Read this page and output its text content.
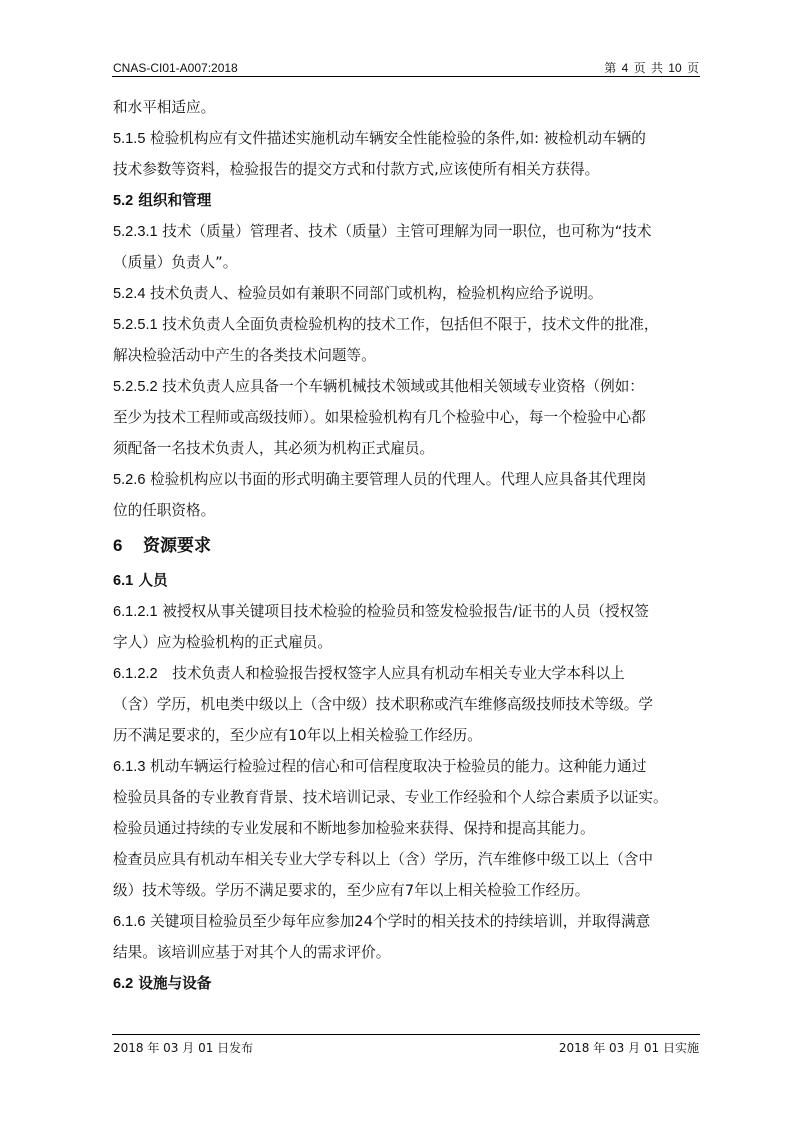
CNAS-CI01-A007:2018	第 4 页 共 10 页
和水平相适应。
5.1.5 检验机构应有文件描述实施机动车辆安全性能检验的条件,如: 被检机动车辆的
技术参数等资料，检验报告的提交方式和付款方式,应该使所有相关方获得。
5.2 组织和管理
5.2.3.1 技术（质量）管理者、技术（质量）主管可理解为同一职位，也可称为“技术
（质量）负责人”。
5.2.4 技术负责人、检验员如有兼职不同部门或机构，检验机构应给予说明。
5.2.5.1 技术负责人全面负责检验机构的技术工作，包括但不限于，技术文件的批准，
解决检验活动中产生的各类技术问题等。
5.2.5.2 技术负责人应具备一个车辆机械技术领域或其他相关领域专业资格（例如：
至少为技术工程师或高级技师）。如果检验机构有几个检验中心，每一个检验中心都
须配备一名技术负责人，其必须为机构正式雇员。
5.2.6 检验机构应以书面的形式明确主要管理人员的代理人。代理人应具备其代理岗
位的任职资格。
6 资源要求
6.1 人员
6.1.2.1 被授权从事关键项目技术检验的检验员和签发检验报告/证书的人员（授权签
字人）应为检验机构的正式雇员。
6.1.2.2　技术负责人和检验报告授权签字人应具有机动车相关专业大学本科以上
（含）学历，机电类中级以上（含中级）技术职称或汽车维修高级技师技术等级。学
历不满足要求的，至少应有10年以上相关检验工作经历。
6.1.3 机动车辆运行检验过程的信心和可信程度取决于检验员的能力。这种能力通过
检验员具备的专业教育背景、技术培训记录、专业工作经验和个人综合素质予以证实。
检验员通过持续的专业发展和不断地参加检验来获得、保持和提高其能力。
检查员应具有机动车相关专业大学专科以上（含）学历，汽车维修中级工以上（含中
级）技术等级。学历不满足要求的，至少应有7年以上相关检验工作经历。
6.1.6 关键项目检验员至少每年应参加24个学时的相关技术的持续培训，并取得满意
结果。该培训应基于对其个人的需求评价。
6.2 设施与设备
2018 年 03 月 01 日发布	2018 年 03 月 01 日实施
